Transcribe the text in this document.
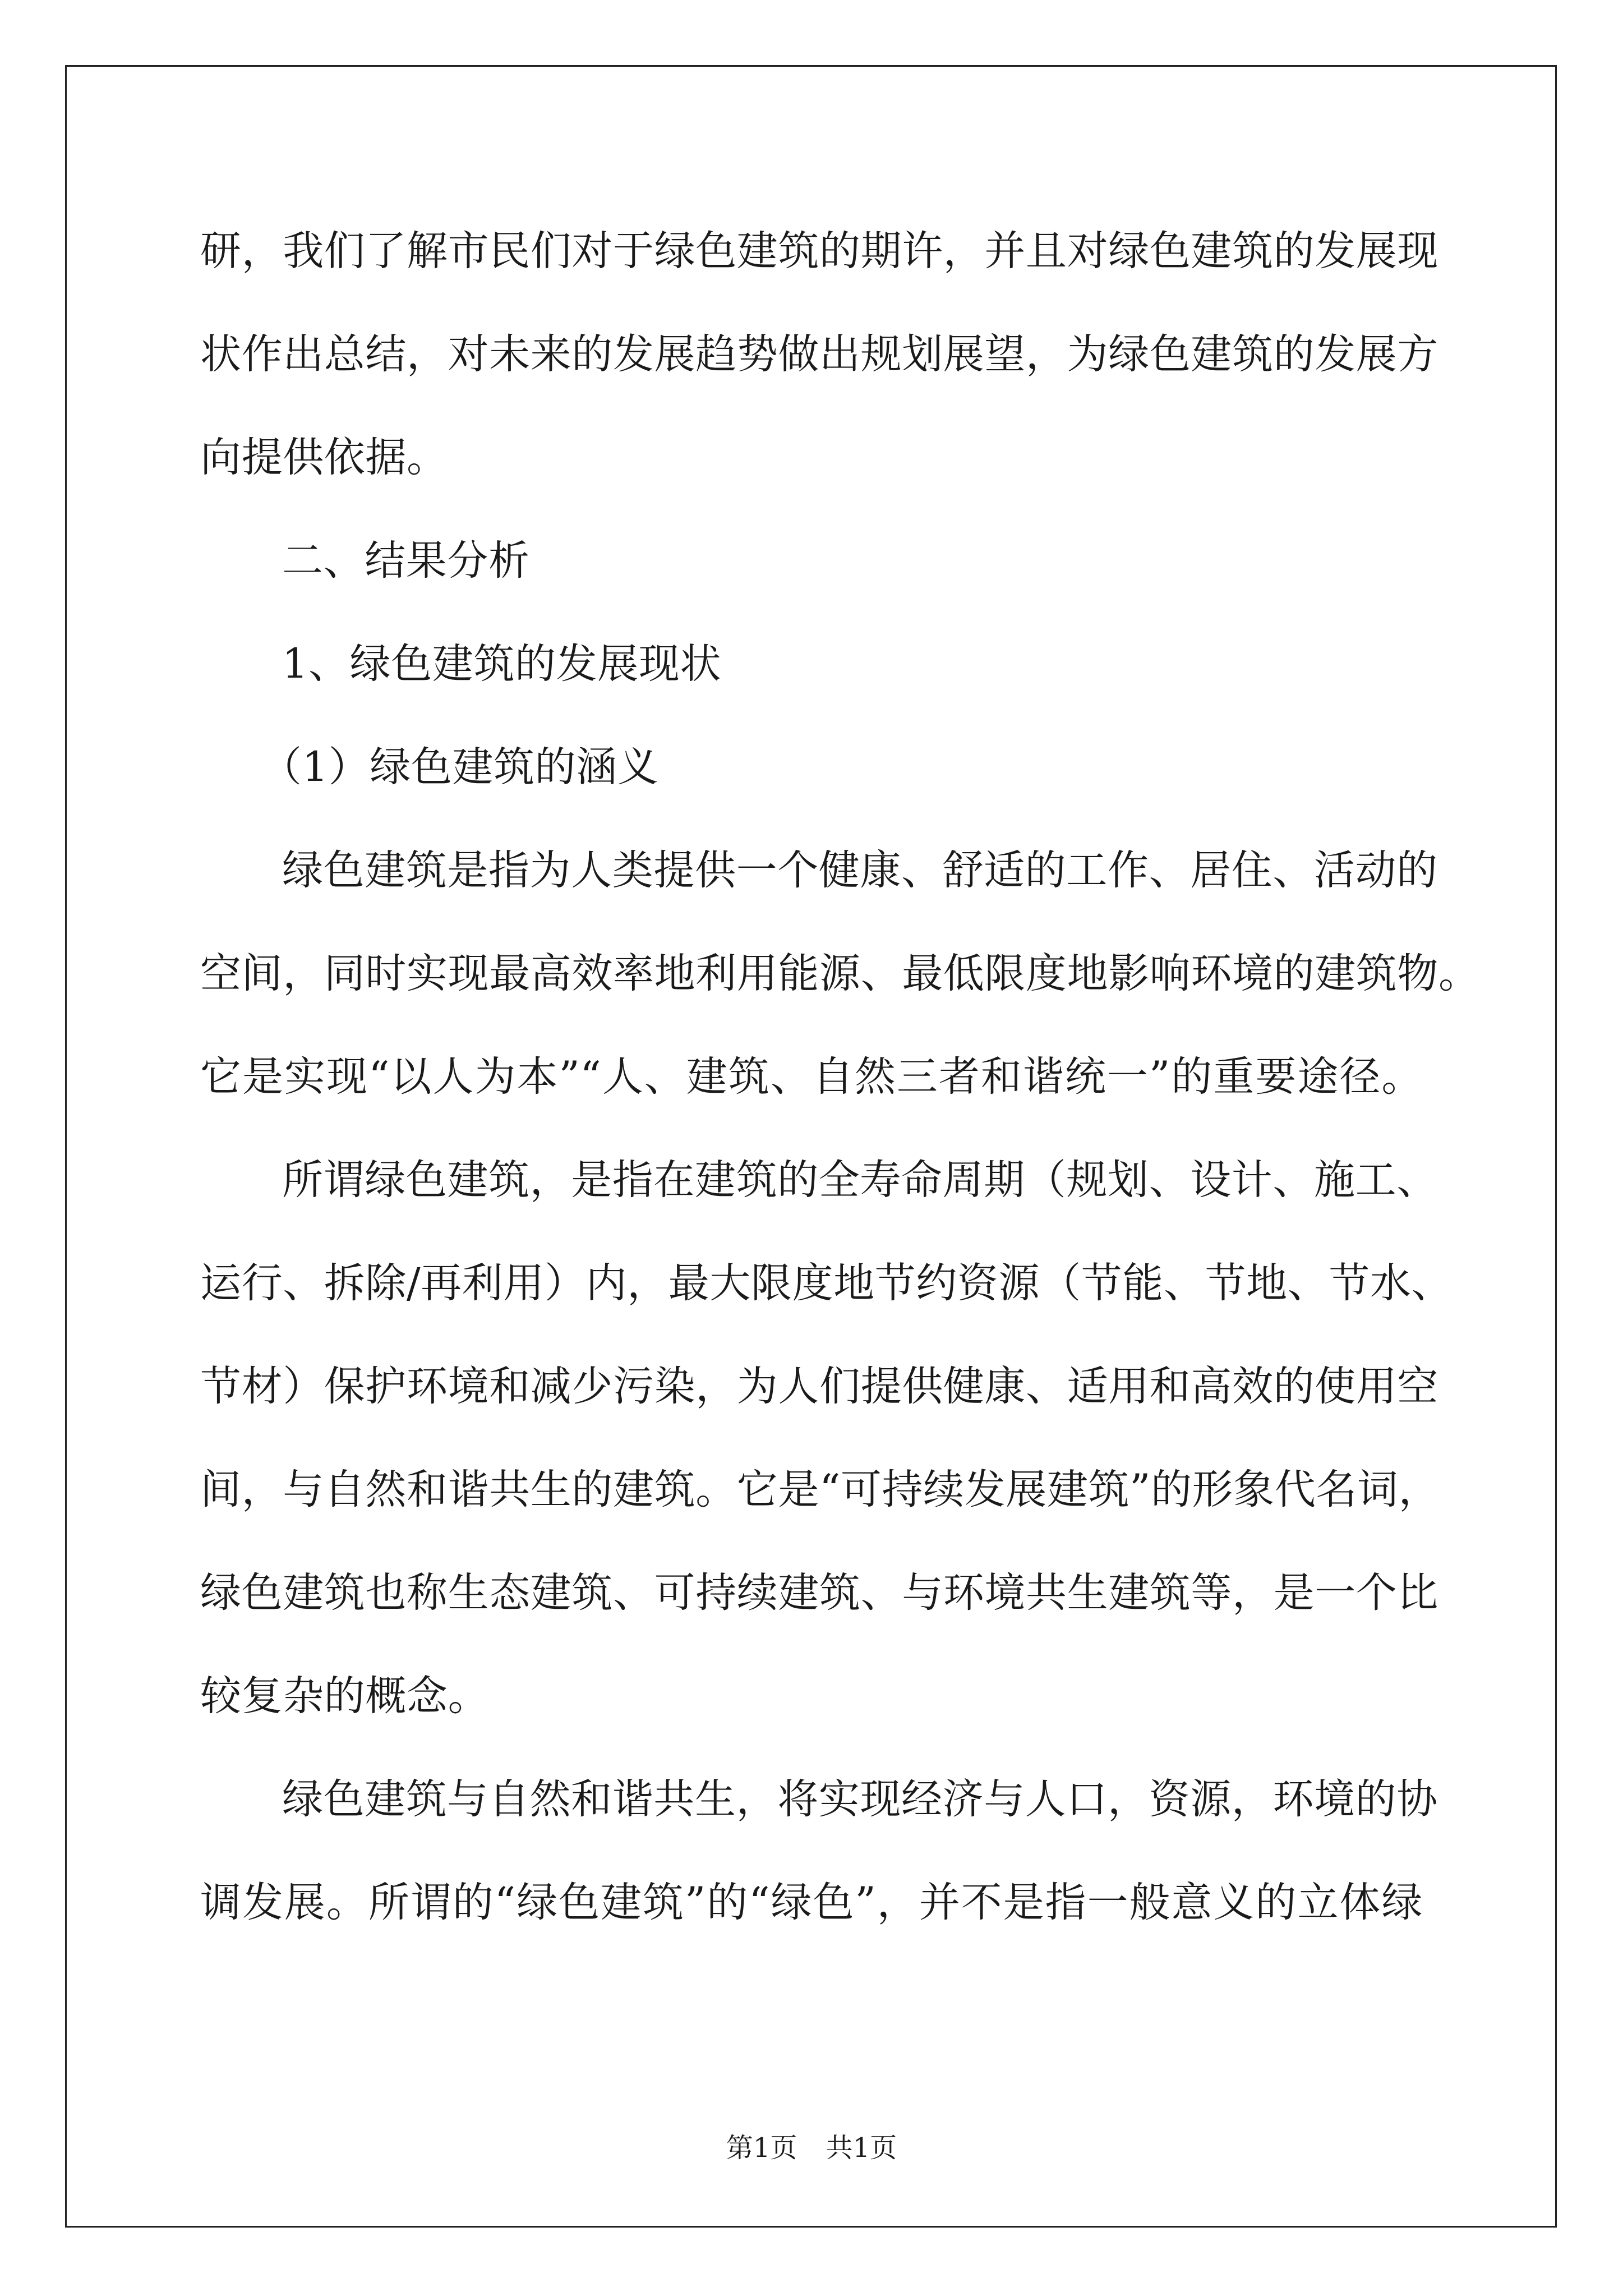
研，我们了解市民们对于绿色建筑的期许，并且对绿色建筑的发展现
状作出总结，对未来的发展趋势做出规划展望，为绿色建筑的发展方
向提供依据。
二、结果分析
1、绿色建筑的发展现状
（1）绿色建筑的涵义
绿色建筑是指为人类提供一个健康、舒适的工作、居住、活动的
空间，同时实现最高效率地利用能源、最低限度地影响环境的建筑物。
它是实现“以人为本”“人、建筑、自然三者和谐统一”的重要途径。
所谓绿色建筑，是指在建筑的全寿命周期（规划、设计、施工、
运行、拆除/再利用）内，最大限度地节约资源（节能、节地、节水、
节材）保护环境和减少污染，为人们提供健康、适用和高效的使用空
间，与自然和谐共生的建筑。它是“可持续发展建筑”的形象代名词，
绿色建筑也称生态建筑、可持续建筑、与环境共生建筑等，是一个比
较复杂的概念。
绿色建筑与自然和谐共生，将实现经济与人口，资源，环境的协
调发展。所谓的“绿色建筑”的“绿色”，并不是指一般意义的立体绿
第1页 共1页
